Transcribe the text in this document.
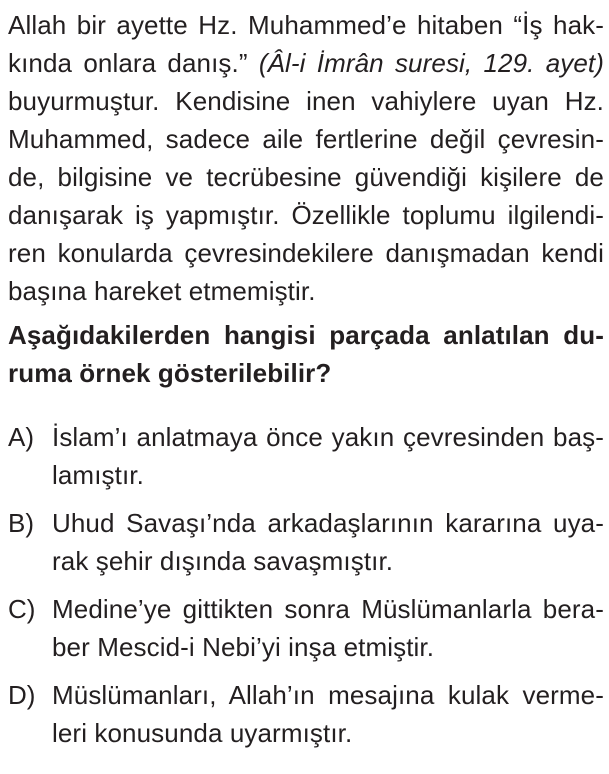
Allah bir ayette Hz. Muhammed’e hitaben “İş hak-
kında onlara danış.” (Âl-i İmrân suresi, 129. ayet)
buyurmuştur. Kendisine inen vahiylere uyan Hz.
Muhammed, sadece aile fertlerine değil çevresin-
de, bilgisine ve tecrübesine güvendiği kişilere de
danışarak iş yapmıştır. Özellikle toplumu ilgilendi-
ren konularda çevresindekilere danışmadan kendi
başına hareket etmemiştir.
Aşağıdakilerden hangisi parçada anlatılan du-
ruma örnek gösterilebilir?
A) İslam’ı anlatmaya önce yakın çevresinden baş-
lamıştır.
B) Uhud Savaşı’nda arkadaşlarının kararına uya-
rak şehir dışında savaşmıştır.
C) Medine’ye gittikten sonra Müslümanlarla bera-
ber Mescid-i Nebi’yi inşa etmiştir.
D) Müslümanları, Allah’ın mesajına kulak verme-
leri konusunda uyarmıştır.
